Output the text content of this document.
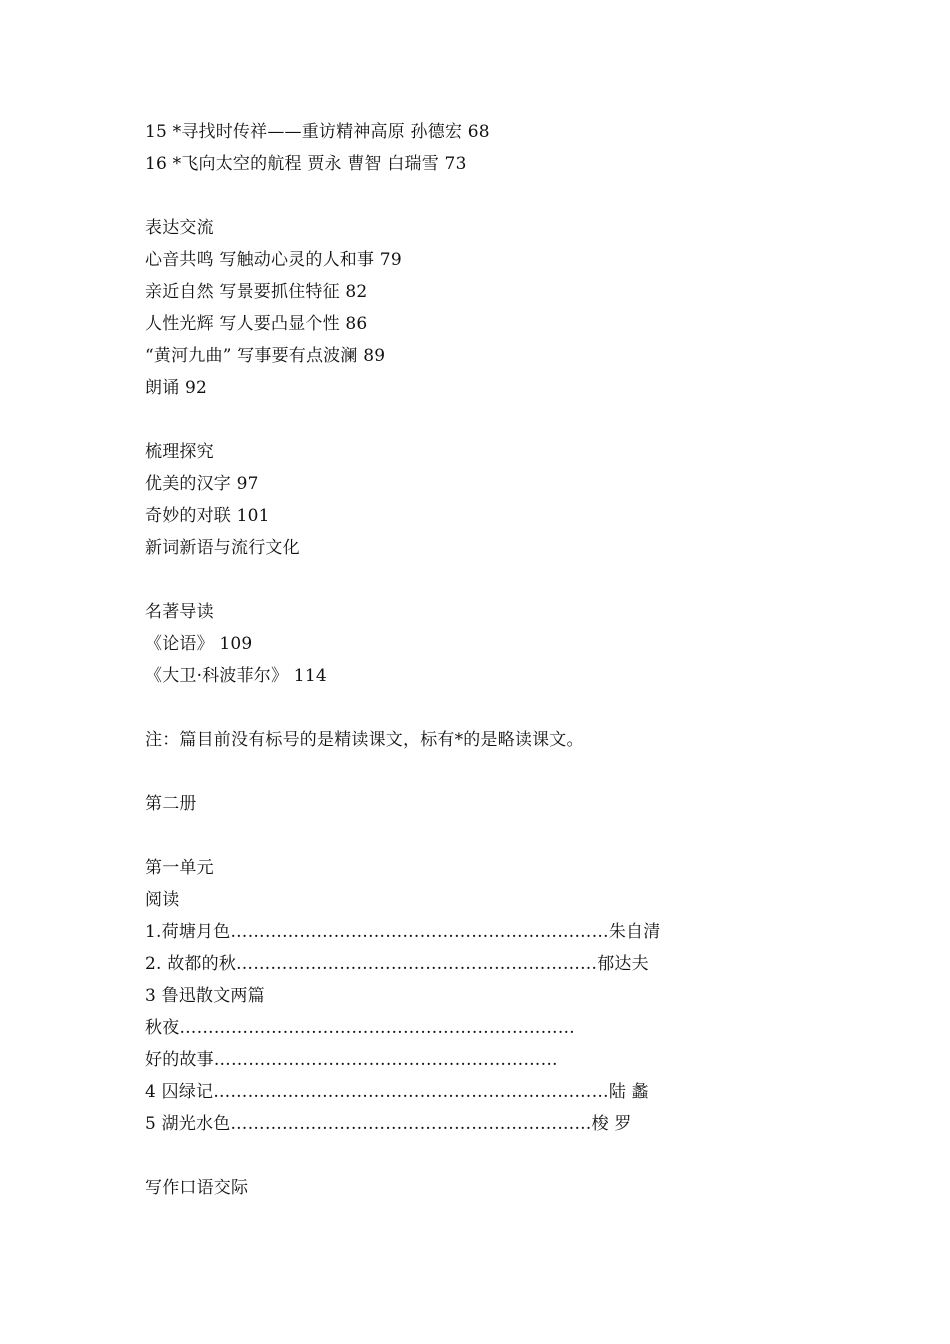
15 *寻找时传祥——重访精神高原 孙德宏 68
16 *飞向太空的航程 贾永 曹智 白瑞雪 73
表达交流
心音共鸣 写触动心灵的人和事 79
亲近自然 写景要抓住特征 82
人性光辉 写人要凸显个性 86
“黄河九曲” 写事要有点波澜 89
朗诵 92
梳理探究
优美的汉字 97
奇妙的对联 101
新词新语与流行文化
名著导读
《论语》 109
《大卫·科波菲尔》 114
注：篇目前没有标号的是精读课文，标有*的是略读课文。
第二册
第一单元
阅读
1.荷塘月色…………………………………………………………朱自清
2. 故都的秋………………………………………………………郁达夫
3 鲁迅散文两篇
秋夜……………………………………………………………
好的故事……………………………………………………
4 囚绿记……………………………………………………………陆 蠡
5 湖光水色………………………………………………………梭 罗
写作口语交际
